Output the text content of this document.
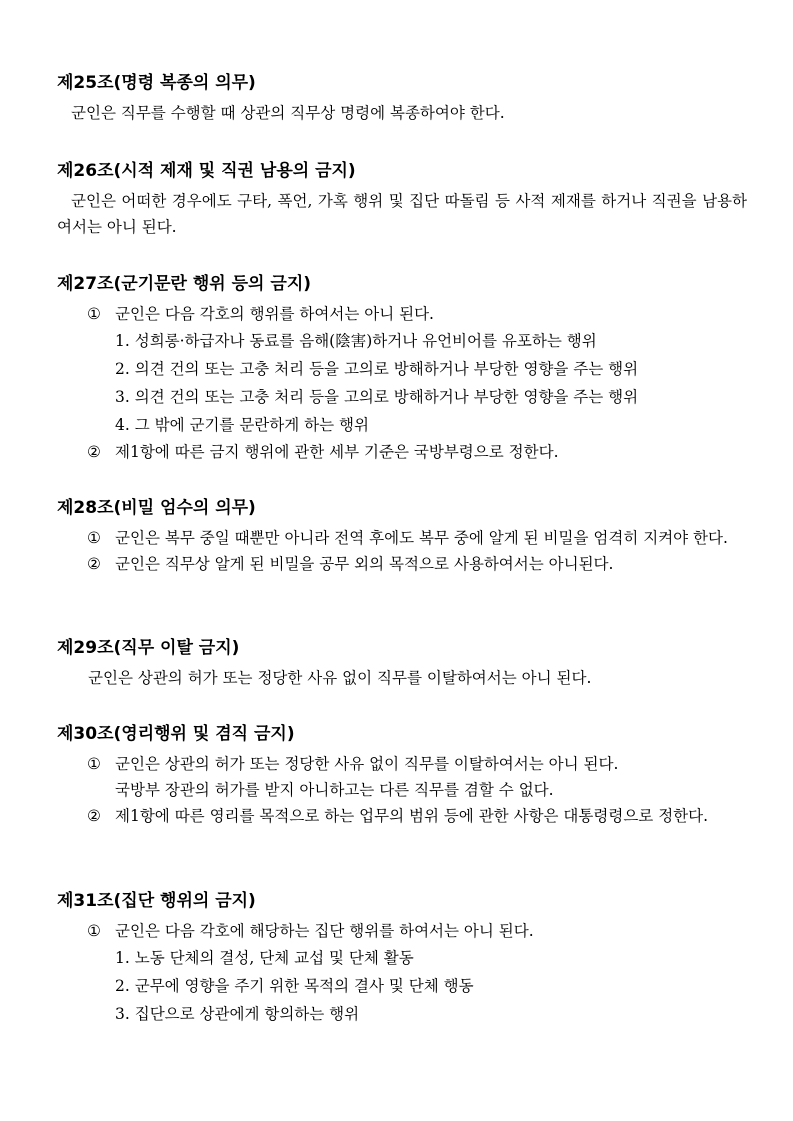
제25조(명령 복종의 의무)
군인은 직무를 수행할 때 상관의 직무상 명령에 복종하여야 한다.
제26조(시적 제재 및 직권 남용의 금지)
군인은 어떠한 경우에도 구타, 폭언, 가혹 행위 및 집단 따돌림 등 사적 제재를 하거나 직권을 남용하여서는 아니 된다.
제27조(군기문란 행위 등의 금지)
① 군인은 다음 각호의 행위를 하여서는 아니 된다.
1. 성희롱·하급자나 동료를 음해(陰害)하거나 유언비어를 유포하는 행위
2. 의견 건의 또는 고충 처리 등을 고의로 방해하거나 부당한 영향을 주는 행위
3. 의견 건의 또는 고충 처리 등을 고의로 방해하거나 부당한 영향을 주는 행위
4. 그 밖에 군기를 문란하게 하는 행위
② 제1항에 따른 금지 행위에 관한 세부 기준은 국방부령으로 정한다.
제28조(비밀 엄수의 의무)
① 군인은 복무 중일 때뿐만 아니라 전역 후에도 복무 중에 알게 된 비밀을 엄격히 지켜야 한다.
② 군인은 직무상 알게 된 비밀을 공무 외의 목적으로 사용하여서는 아니된다.
제29조(직무 이탈 금지)
군인은 상관의 허가 또는 정당한 사유 없이 직무를 이탈하여서는 아니 된다.
제30조(영리행위 및 겸직 금지)
① 군인은 상관의 허가 또는 정당한 사유 없이 직무를 이탈하여서는 아니 된다.
국방부 장관의 허가를 받지 아니하고는 다른 직무를 겸할 수 없다.
② 제1항에 따른 영리를 목적으로 하는 업무의 범위 등에 관한 사항은 대통령령으로 정한다.
제31조(집단 행위의 금지)
① 군인은 다음 각호에 해당하는 집단 행위를 하여서는 아니 된다.
1. 노동 단체의 결성, 단체 교섭 및 단체 활동
2. 군무에 영향을 주기 위한 목적의 결사 및 단체 행동
3. 집단으로 상관에게 항의하는 행위
